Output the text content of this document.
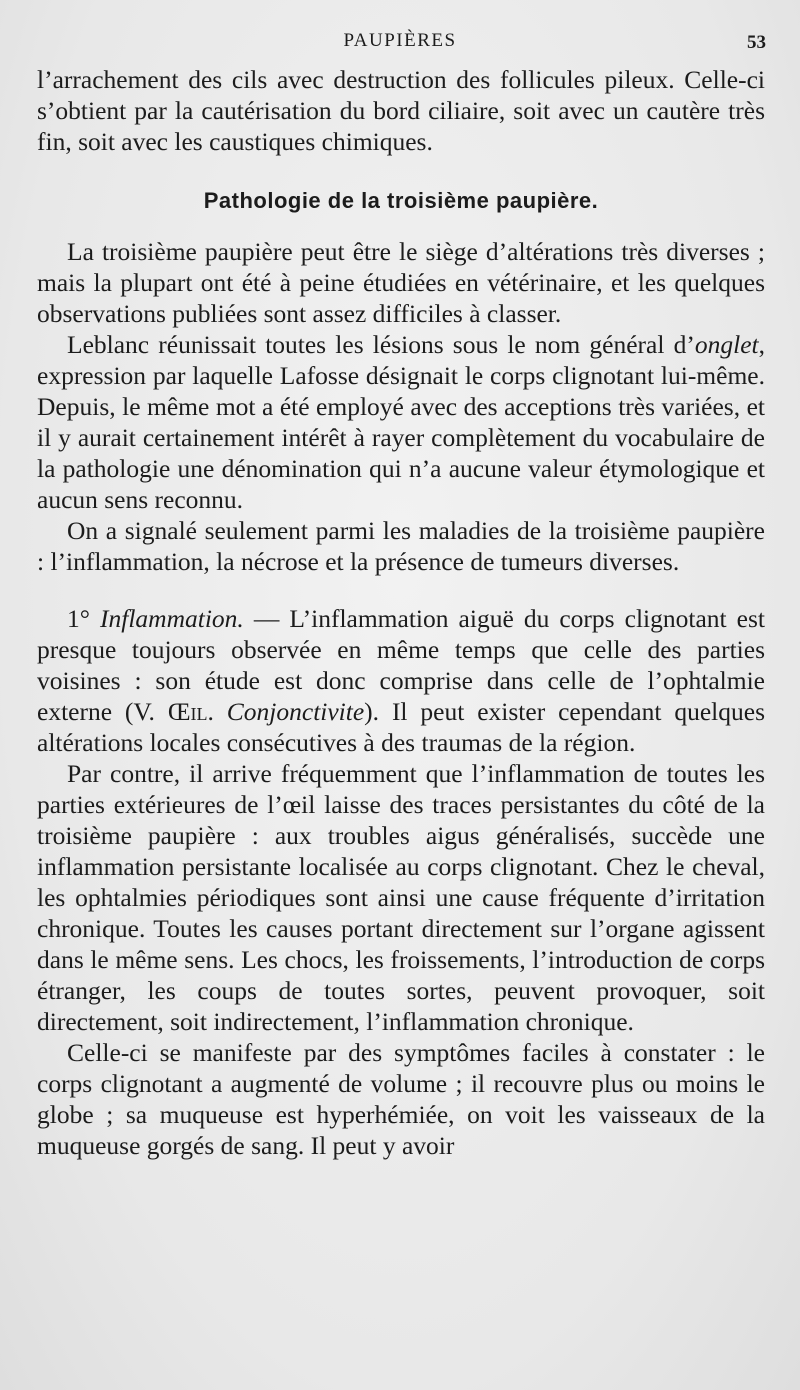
PAUPIÈRES	53

l’arrachement des cils avec destruction des follicules pileux. Celle-ci s’obtient par la cautérisation du bord ciliaire, soit avec un cautère très fin, soit avec les caustiques chimiques.

Pathologie de la troisième paupière.

La troisième paupière peut être le siège d’altérations très diverses ; mais la plupart ont été à peine étudiées en vétérinaire, et les quelques observations publiées sont assez difficiles à classer.

Leblanc réunissait toutes les lésions sous le nom général d’onglet, expression par laquelle Lafosse désignait le corps clignotant lui-même. Depuis, le même mot a été employé avec des acceptions très variées, et il y aurait certainement intérêt à rayer complètement du vocabulaire de la pathologie une dénomination qui n’a aucune valeur étymologique et aucun sens reconnu.

On a signalé seulement parmi les maladies de la troisième paupière : l’inflammation, la nécrose et la présence de tumeurs diverses.

1° Inflammation. — L’inflammation aiguë du corps clignotant est presque toujours observée en même temps que celle des parties voisines : son étude est donc comprise dans celle de l’ophtalmie externe (V. Œil. Conjonctivite). Il peut exister cependant quelques altérations locales consécutives à des traumas de la région.

Par contre, il arrive fréquemment que l’inflammation de toutes les parties extérieures de l’œil laisse des traces persistantes du côté de la troisième paupière : aux troubles aigus généralisés, succède une inflammation persistante localisée au corps clignotant. Chez le cheval, les ophtalmies périodiques sont ainsi une cause fréquente d’irritation chronique. Toutes les causes portant directement sur l’organe agissent dans le même sens. Les chocs, les froissements, l’introduction de corps étranger, les coups de toutes sortes, peuvent provoquer, soit directement, soit indirectement, l’inflammation chronique.

Celle-ci se manifeste par des symptômes faciles à constater : le corps clignotant a augmenté de volume ; il recouvre plus ou moins le globe ; sa muqueuse est hyperhémiée, on voit les vaisseaux de la muqueuse gorgés de sang. Il peut y avoir
